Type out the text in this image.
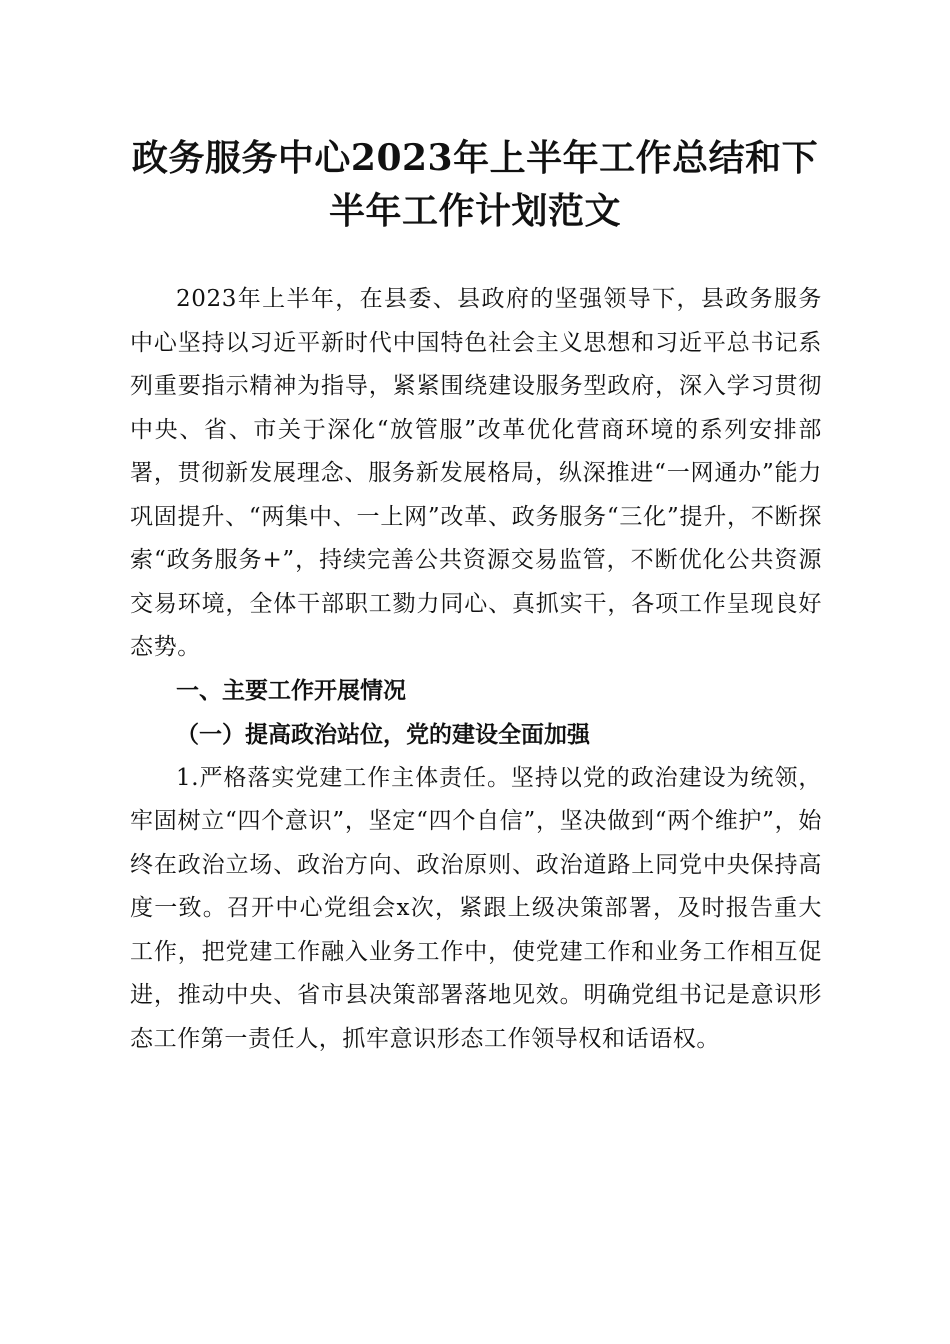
政务服务中心2023年上半年工作总结和下半年工作计划范文

2023年上半年，在县委、县政府的坚强领导下，县政务服务中心坚持以习近平新时代中国特色社会主义思想和习近平总书记系列重要指示精神为指导，紧紧围绕建设服务型政府，深入学习贯彻中央、省、市关于深化“放管服”改革优化营商环境的系列安排部署，贯彻新发展理念、服务新发展格局，纵深推进“一网通办”能力巩固提升、“两集中、一上网”改革、政务服务“三化”提升，不断探索“政务服务+”，持续完善公共资源交易监管，不断优化公共资源交易环境，全体干部职工勠力同心、真抓实干，各项工作呈现良好态势。

一、主要工作开展情况

（一）提高政治站位，党的建设全面加强

1.严格落实党建工作主体责任。坚持以党的政治建设为统领，牢固树立“四个意识”，坚定“四个自信”，坚决做到“两个维护”，始终在政治立场、政治方向、政治原则、政治道路上同党中央保持高度一致。召开中心党组会x次，紧跟上级决策部署，及时报告重大工作，把党建工作融入业务工作中，使党建工作和业务工作相互促进，推动中央、省市县决策部署落地见效。明确党组书记是意识形态工作第一责任人，抓牢意识形态工作领导权和话语权。
